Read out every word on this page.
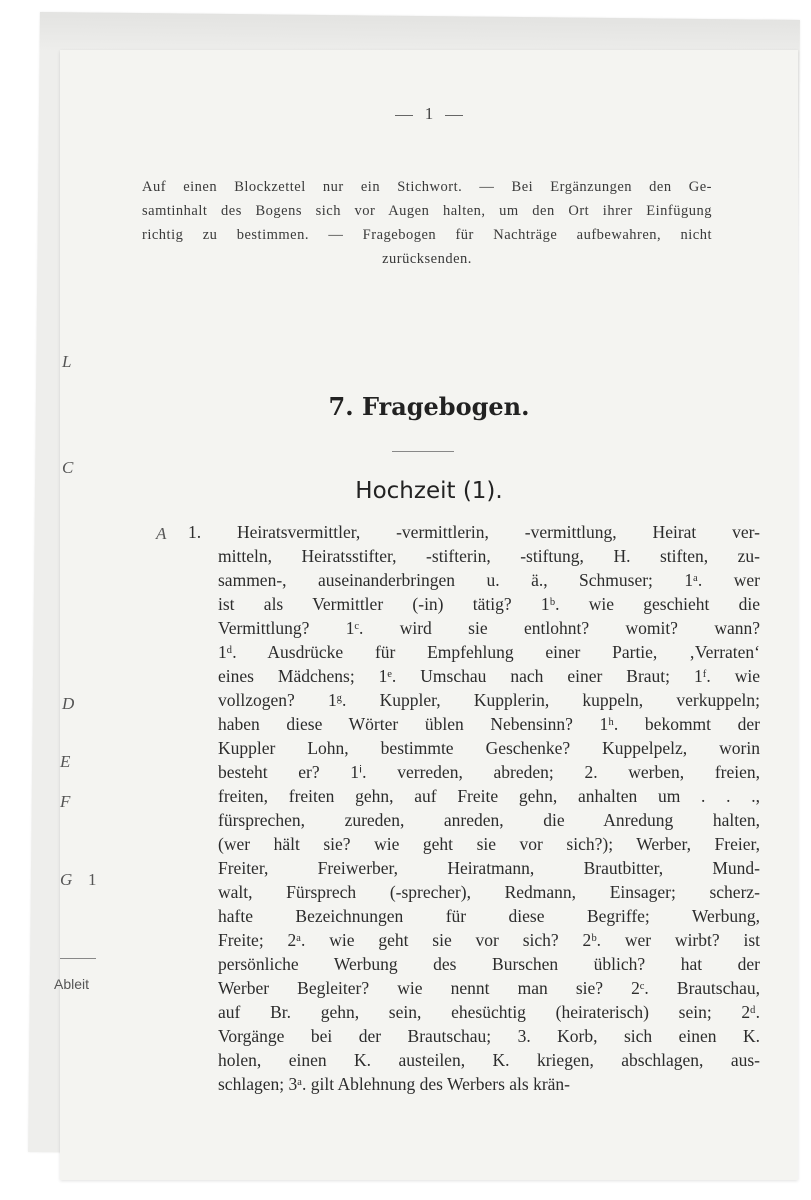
1
Auf einen Blockzettel nur ein Stichwort. — Bei Ergänzungen den Ge-
samtinhalt des Bogens sich vor Augen halten, um den Ort ihrer Einfügung
richtig zu bestimmen. — Fragebogen für Nachträge aufbewahren, nicht
zurücksenden.
7. Fragebogen.
Hochzeit (1).
L
C
A
D
E
F
G 1
Ableit
1. Heiratsvermittler, -vermittlerin, -vermittlung, Heirat ver-
mitteln, Heiratsstifter, -stifterin, -stiftung, H. stiften, zu-
sammen-, auseinanderbringen u. ä., Schmuser; 1ᵃ. wer
ist als Vermittler (-in) tätig? 1ᵇ. wie geschieht die
Vermittlung? 1ᶜ. wird sie entlohnt? womit? wann?
1ᵈ. Ausdrücke für Empfehlung einer Partie, ‚Verraten‘
eines Mädchens; 1ᵉ. Umschau nach einer Braut; 1ᶠ. wie
vollzogen? 1ᵍ. Kuppler, Kupplerin, kuppeln, verkuppeln;
haben diese Wörter üblen Nebensinn? 1ʰ. bekommt der
Kuppler Lohn, bestimmte Geschenke? Kuppelpelz, worin
besteht er? 1ⁱ. verreden, abreden; 2. werben, freien,
freiten, freiten gehn, auf Freite gehn, anhalten um . . .,
fürsprechen, zureden, anreden, die Anredung halten,
(wer hält sie? wie geht sie vor sich?); Werber, Freier,
Freiter, Freiwerber, Heiratmann, Brautbitter, Mund-
walt, Fürsprech (-sprecher), Redmann, Einsager; scherz-
hafte Bezeichnungen für diese Begriffe; Werbung,
Freite; 2ᵃ. wie geht sie vor sich? 2ᵇ. wer wirbt? ist
persönliche Werbung des Burschen üblich? hat der
Werber Begleiter? wie nennt man sie? 2ᶜ. Brautschau,
auf Br. gehn, sein, ehesüchtig (heiraterisch) sein; 2ᵈ.
Vorgänge bei der Brautschau; 3. Korb, sich einen K.
holen, einen K. austeilen, K. kriegen, abschlagen, aus-
schlagen; 3ᵃ. gilt Ablehnung des Werbers als krän-
